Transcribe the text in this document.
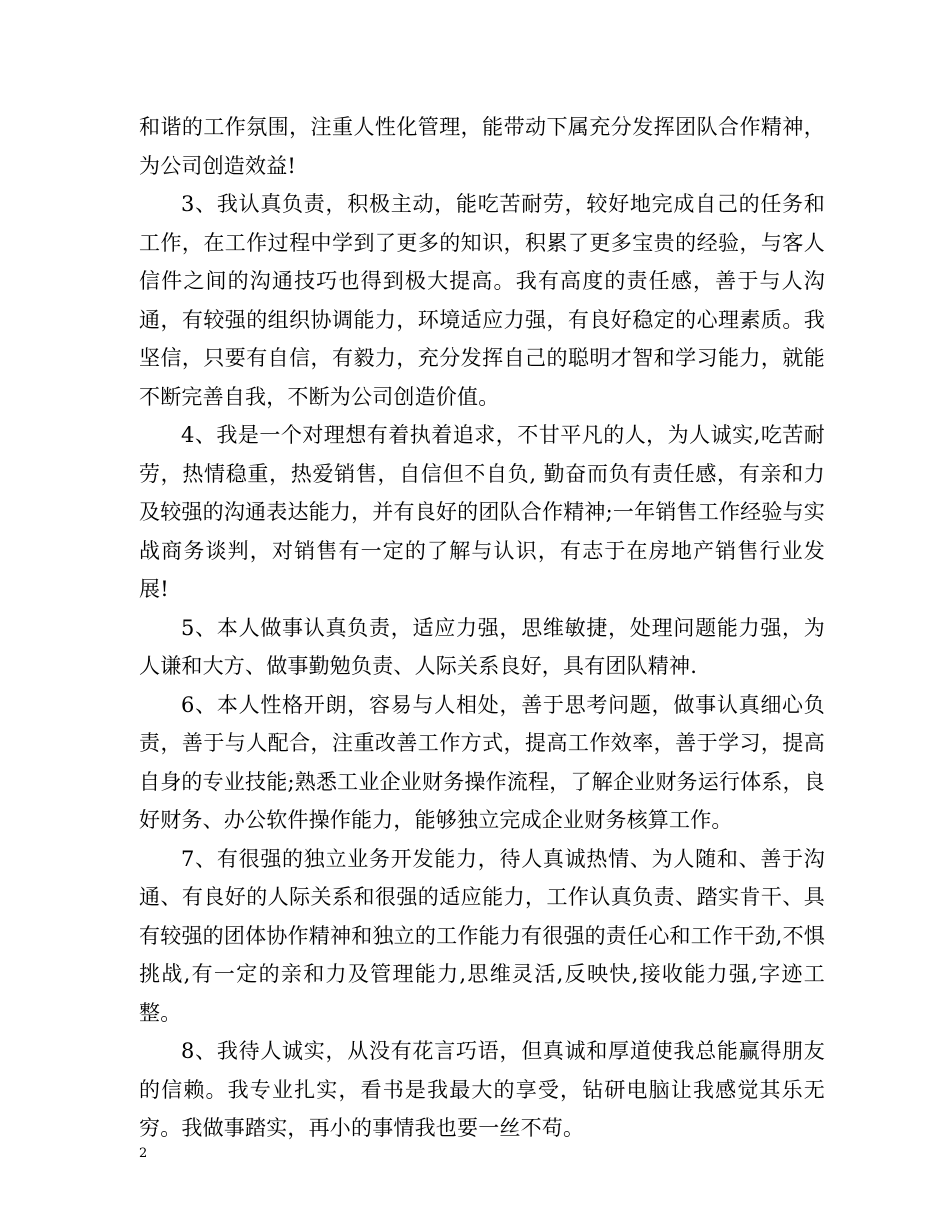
和谐的工作氛围，注重人性化管理，能带动下属充分发挥团队合作精神，为公司创造效益!

3、我认真负责，积极主动，能吃苦耐劳，较好地完成自己的任务和工作，在工作过程中学到了更多的知识，积累了更多宝贵的经验，与客人信件之间的沟通技巧也得到极大提高。我有高度的责任感，善于与人沟通，有较强的组织协调能力，环境适应力强，有良好稳定的心理素质。我坚信，只要有自信，有毅力，充分发挥自己的聪明才智和学习能力，就能不断完善自我，不断为公司创造价值。

4、我是一个对理想有着执着追求，不甘平凡的人，为人诚实,吃苦耐劳，热情稳重，热爱销售，自信但不自负, 勤奋而负有责任感，有亲和力及较强的沟通表达能力，并有良好的团队合作精神;一年销售工作经验与实战商务谈判，对销售有一定的了解与认识，有志于在房地产销售行业发展!

5、本人做事认真负责，适应力强，思维敏捷，处理问题能力强，为人谦和大方、做事勤勉负责、人际关系良好，具有团队精神.

6、本人性格开朗，容易与人相处，善于思考问题，做事认真细心负责，善于与人配合，注重改善工作方式，提高工作效率，善于学习，提高自身的专业技能;熟悉工业企业财务操作流程，了解企业财务运行体系，良好财务、办公软件操作能力，能够独立完成企业财务核算工作。

7、有很强的独立业务开发能力，待人真诚热情、为人随和、善于沟通、有良好的人际关系和很强的适应能力，工作认真负责、踏实肯干、具有较强的团体协作精神和独立的工作能力有很强的责任心和工作干劲,不惧挑战,有一定的亲和力及管理能力,思维灵活,反映快,接收能力强,字迹工整。

8、我待人诚实，从没有花言巧语，但真诚和厚道使我总能赢得朋友的信赖。我专业扎实，看书是我最大的享受，钻研电脑让我感觉其乐无穷。我做事踏实，再小的事情我也要一丝不苟。

2
